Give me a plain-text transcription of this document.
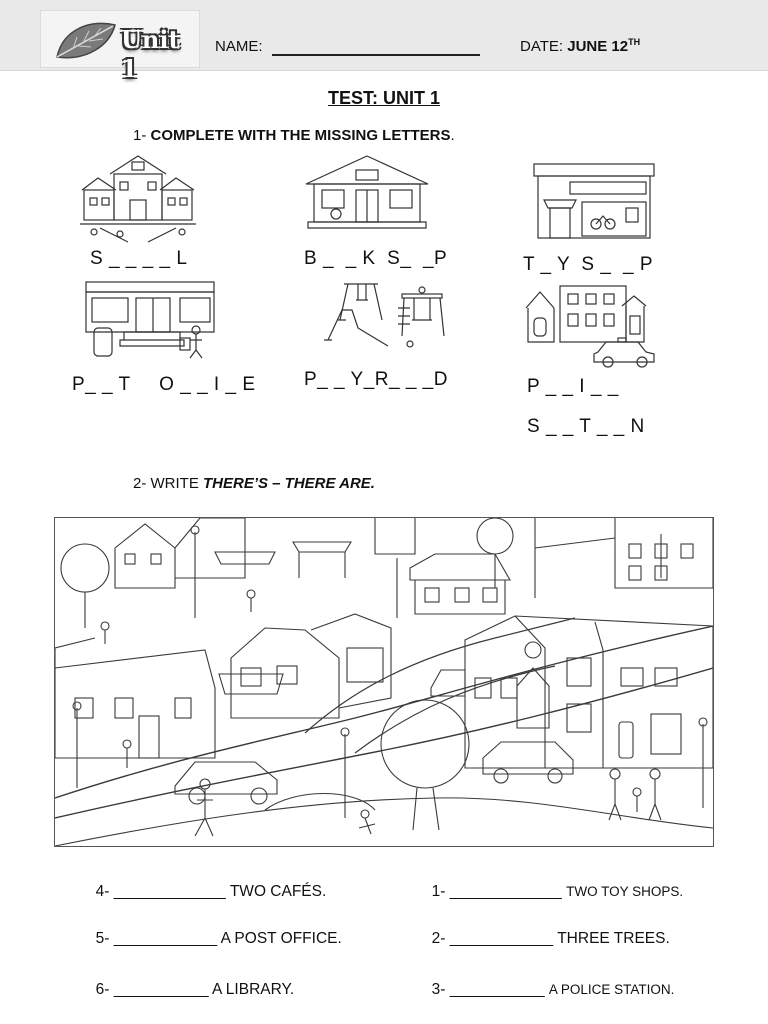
Unit 1
NAME:	DATE: JUNE 12TH
TEST: UNIT 1
1- COMPLETE WITH THE MISSING LETTERS.
S _ _ _ _ L	B _  _ K  S_  _P	T _ Y  S _  _ P
P_ _ T     O _ _ I _ E	P_ _ Y_R_ _ _D	P _ _ I _ _
S _ _ T _ _ N
2- WRITE THERE’S – THERE ARE.

4- _____________ TWO CAFÉS.

5- ____________ A POST OFFICE.

6- ___________ A LIBRARY.

1- _____________ TWO TOY SHOPS.

2- ____________ THREE TREES.

3- ___________ A POLICE STATION.
